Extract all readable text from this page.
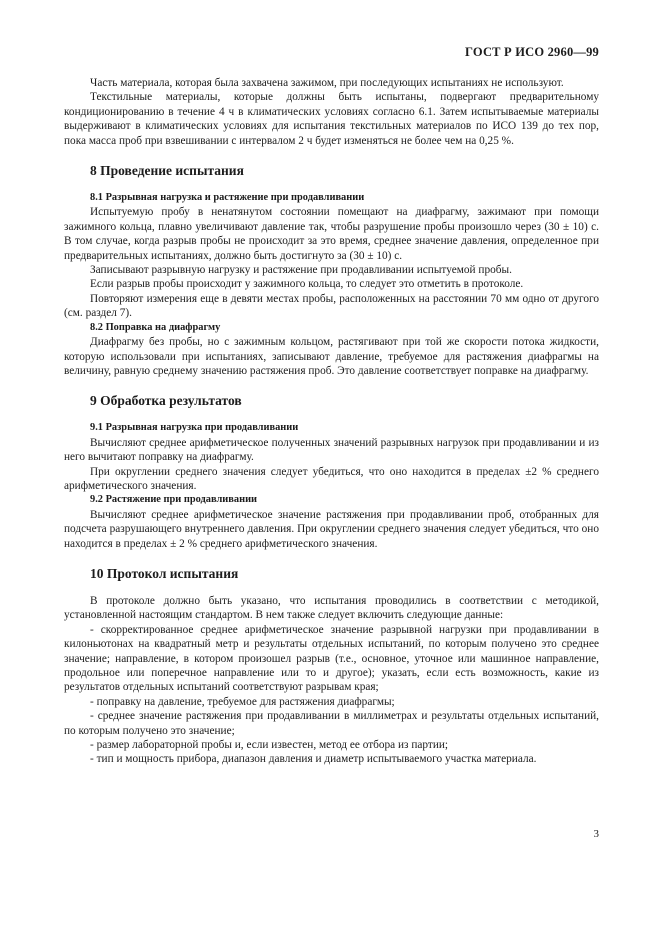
ГОСТ Р ИСО 2960—99

Часть материала, которая была захвачена зажимом, при последующих испытаниях не используют.

Текстильные материалы, которые должны быть испытаны, подвергают предварительному кондиционированию в течение 4 ч в климатических условиях согласно 6.1. Затем испытываемые материалы выдерживают в климатических условиях для испытания текстильных материалов по ИСО 139 до тех пор, пока масса проб при взвешивании с интервалом 2 ч будет изменяться не более чем на 0,25 %.

8 Проведение испытания
8.1 Разрывная нагрузка и растяжение при продавливании

Испытуемую пробу в ненатянутом состоянии помещают на диафрагму, зажимают при помощи зажимного кольца, плавно увеличивают давление так, чтобы разрушение пробы произошло через (30 ± 10) с. В том случае, когда разрыв пробы не происходит за это время, среднее значение давления, определенное при предварительных испытаниях, должно быть достигнуто за (30 ± 10) с.

Записывают разрывную нагрузку и растяжение при продавливании испытуемой пробы.

Если разрыв пробы происходит у зажимного кольца, то следует это отметить в протоколе.

Повторяют измерения еще в девяти местах пробы, расположенных на расстоянии 70 мм одно от другого (см. раздел 7).

8.2 Поправка на диафрагму

Диафрагму без пробы, но с зажимным кольцом, растягивают при той же скорости потока жидкости, которую использовали при испытаниях, записывают давление, требуемое для растяжения диафрагмы на величину, равную среднему значению растяжения проб. Это давление соответствует поправке на диафрагму.

9 Обработка результатов
9.1 Разрывная нагрузка при продавливании

Вычисляют среднее арифметическое полученных значений разрывных нагрузок при продавливании и из него вычитают поправку на диафрагму.

При округлении среднего значения следует убедиться, что оно находится в пределах ±2 % среднего арифметического значения.

9.2 Растяжение при продавливании

Вычисляют среднее арифметическое значение растяжения при продавливании проб, отобранных для подсчета разрушающего внутреннего давления. При округлении среднего значения следует убедиться, что оно находится в пределах ± 2 % среднего арифметического значения.

10 Протокол испытания

В протоколе должно быть указано, что испытания проводились в соответствии с методикой, установленной настоящим стандартом. В нем также следует включить следующие данные:

- скорректированное среднее арифметическое значение разрывной нагрузки при продавливании в килоньютонах на квадратный метр и результаты отдельных испытаний, по которым получено это среднее значение; направление, в котором произошел разрыв (т.е., основное, уточное или машинное направление, продольное или поперечное направление или то и другое); указать, если есть возможность, какие из результатов отдельных испытаний соответствуют разрывам края;

- поправку на давление, требуемое для растяжения диафрагмы;

- среднее значение растяжения при продавливании в миллиметрах и результаты отдельных испытаний, по которым получено это значение;

- размер лабораторной пробы и, если известен, метод ее отбора из партии;

- тип и мощность прибора, диапазон давления и диаметр испытываемого участка материала.

3
